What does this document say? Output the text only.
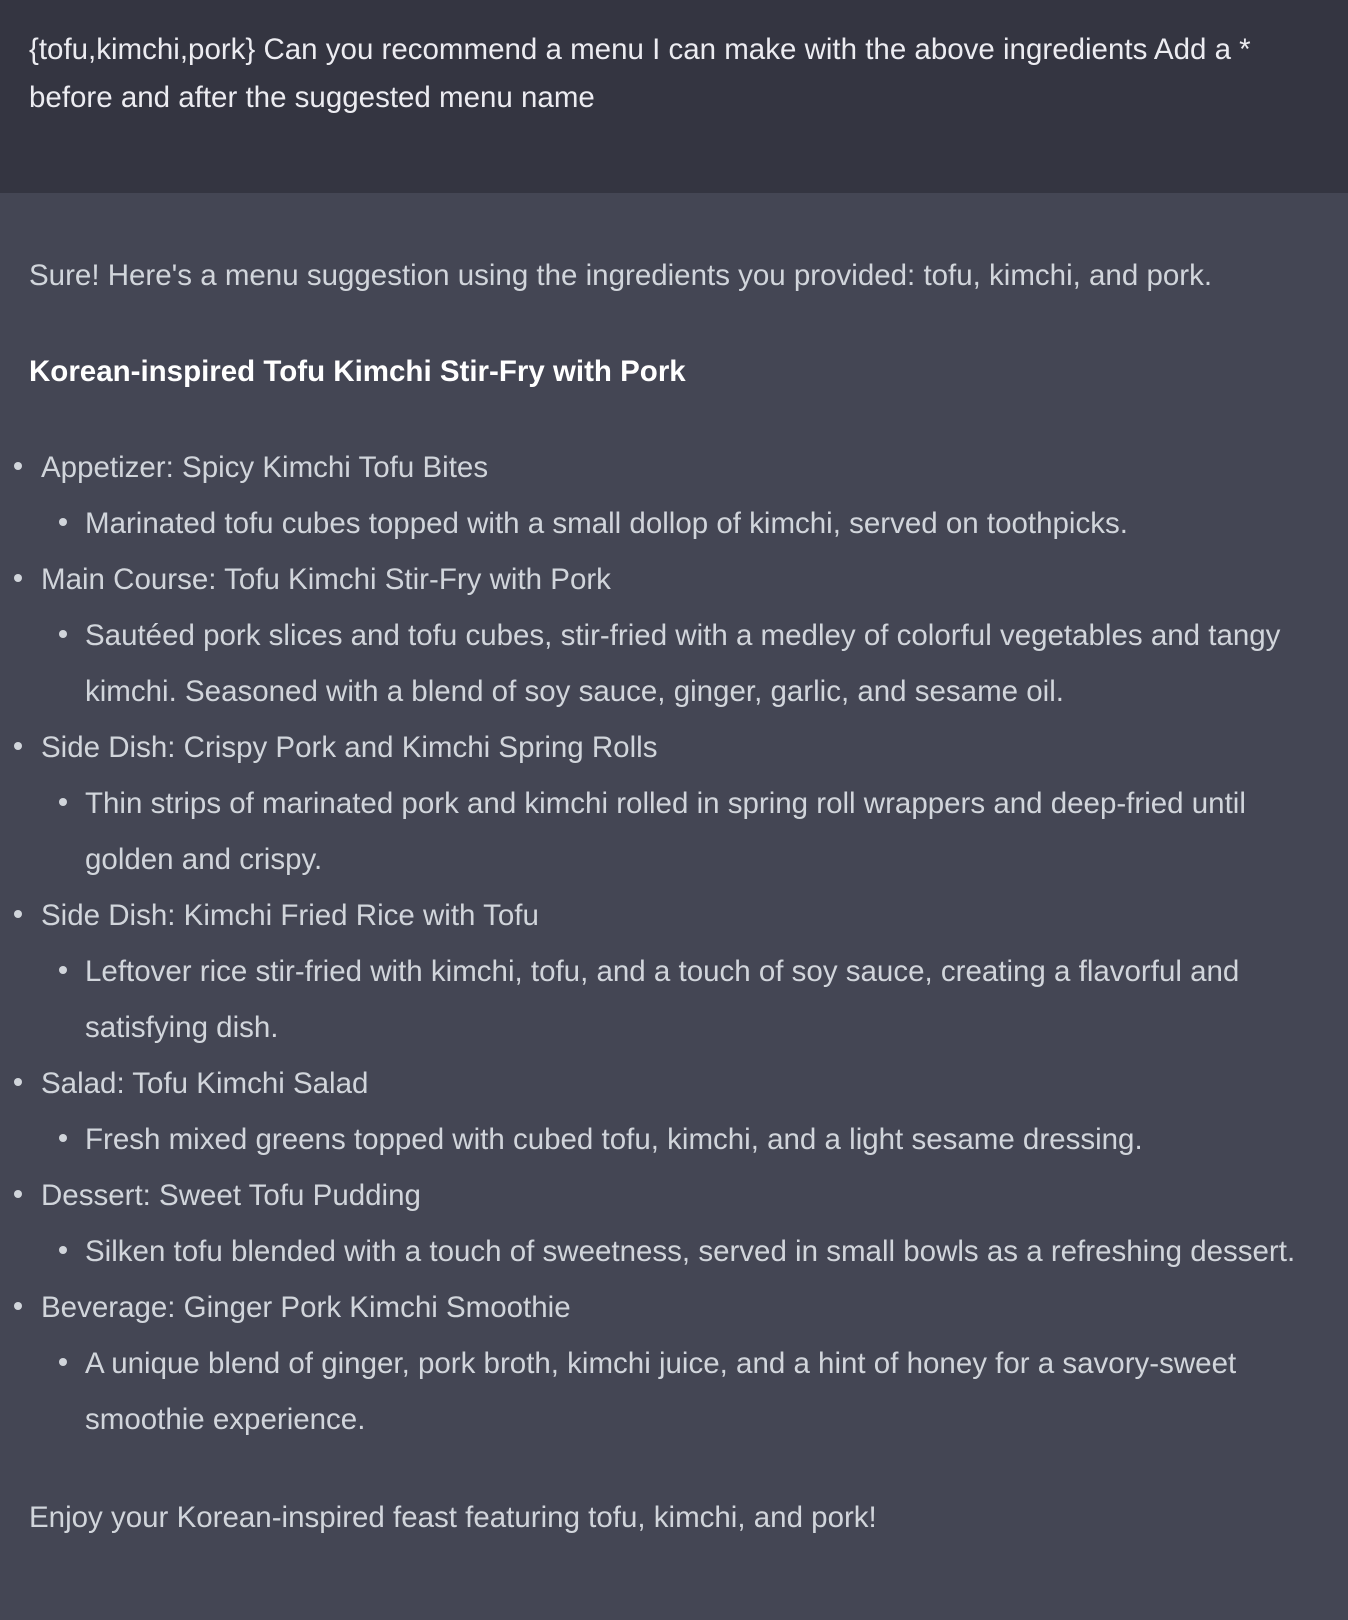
{tofu,kimchi,pork} Can you recommend a menu I can make with the above ingredients Add a * before and after the suggested menu name

Sure! Here's a menu suggestion using the ingredients you provided: tofu, kimchi, and pork.

Korean-inspired Tofu Kimchi Stir-Fry with Pork

Appetizer: Spicy Kimchi Tofu Bites
Marinated tofu cubes topped with a small dollop of kimchi, served on toothpicks.
Main Course: Tofu Kimchi Stir-Fry with Pork
Sautéed pork slices and tofu cubes, stir-fried with a medley of colorful vegetables and tangy kimchi. Seasoned with a blend of soy sauce, ginger, garlic, and sesame oil.
Side Dish: Crispy Pork and Kimchi Spring Rolls
Thin strips of marinated pork and kimchi rolled in spring roll wrappers and deep-fried until golden and crispy.
Side Dish: Kimchi Fried Rice with Tofu
Leftover rice stir-fried with kimchi, tofu, and a touch of soy sauce, creating a flavorful and satisfying dish.
Salad: Tofu Kimchi Salad
Fresh mixed greens topped with cubed tofu, kimchi, and a light sesame dressing.
Dessert: Sweet Tofu Pudding
Silken tofu blended with a touch of sweetness, served in small bowls as a refreshing dessert.
Beverage: Ginger Pork Kimchi Smoothie
A unique blend of ginger, pork broth, kimchi juice, and a hint of honey for a savory-sweet smoothie experience.

Enjoy your Korean-inspired feast featuring tofu, kimchi, and pork!
